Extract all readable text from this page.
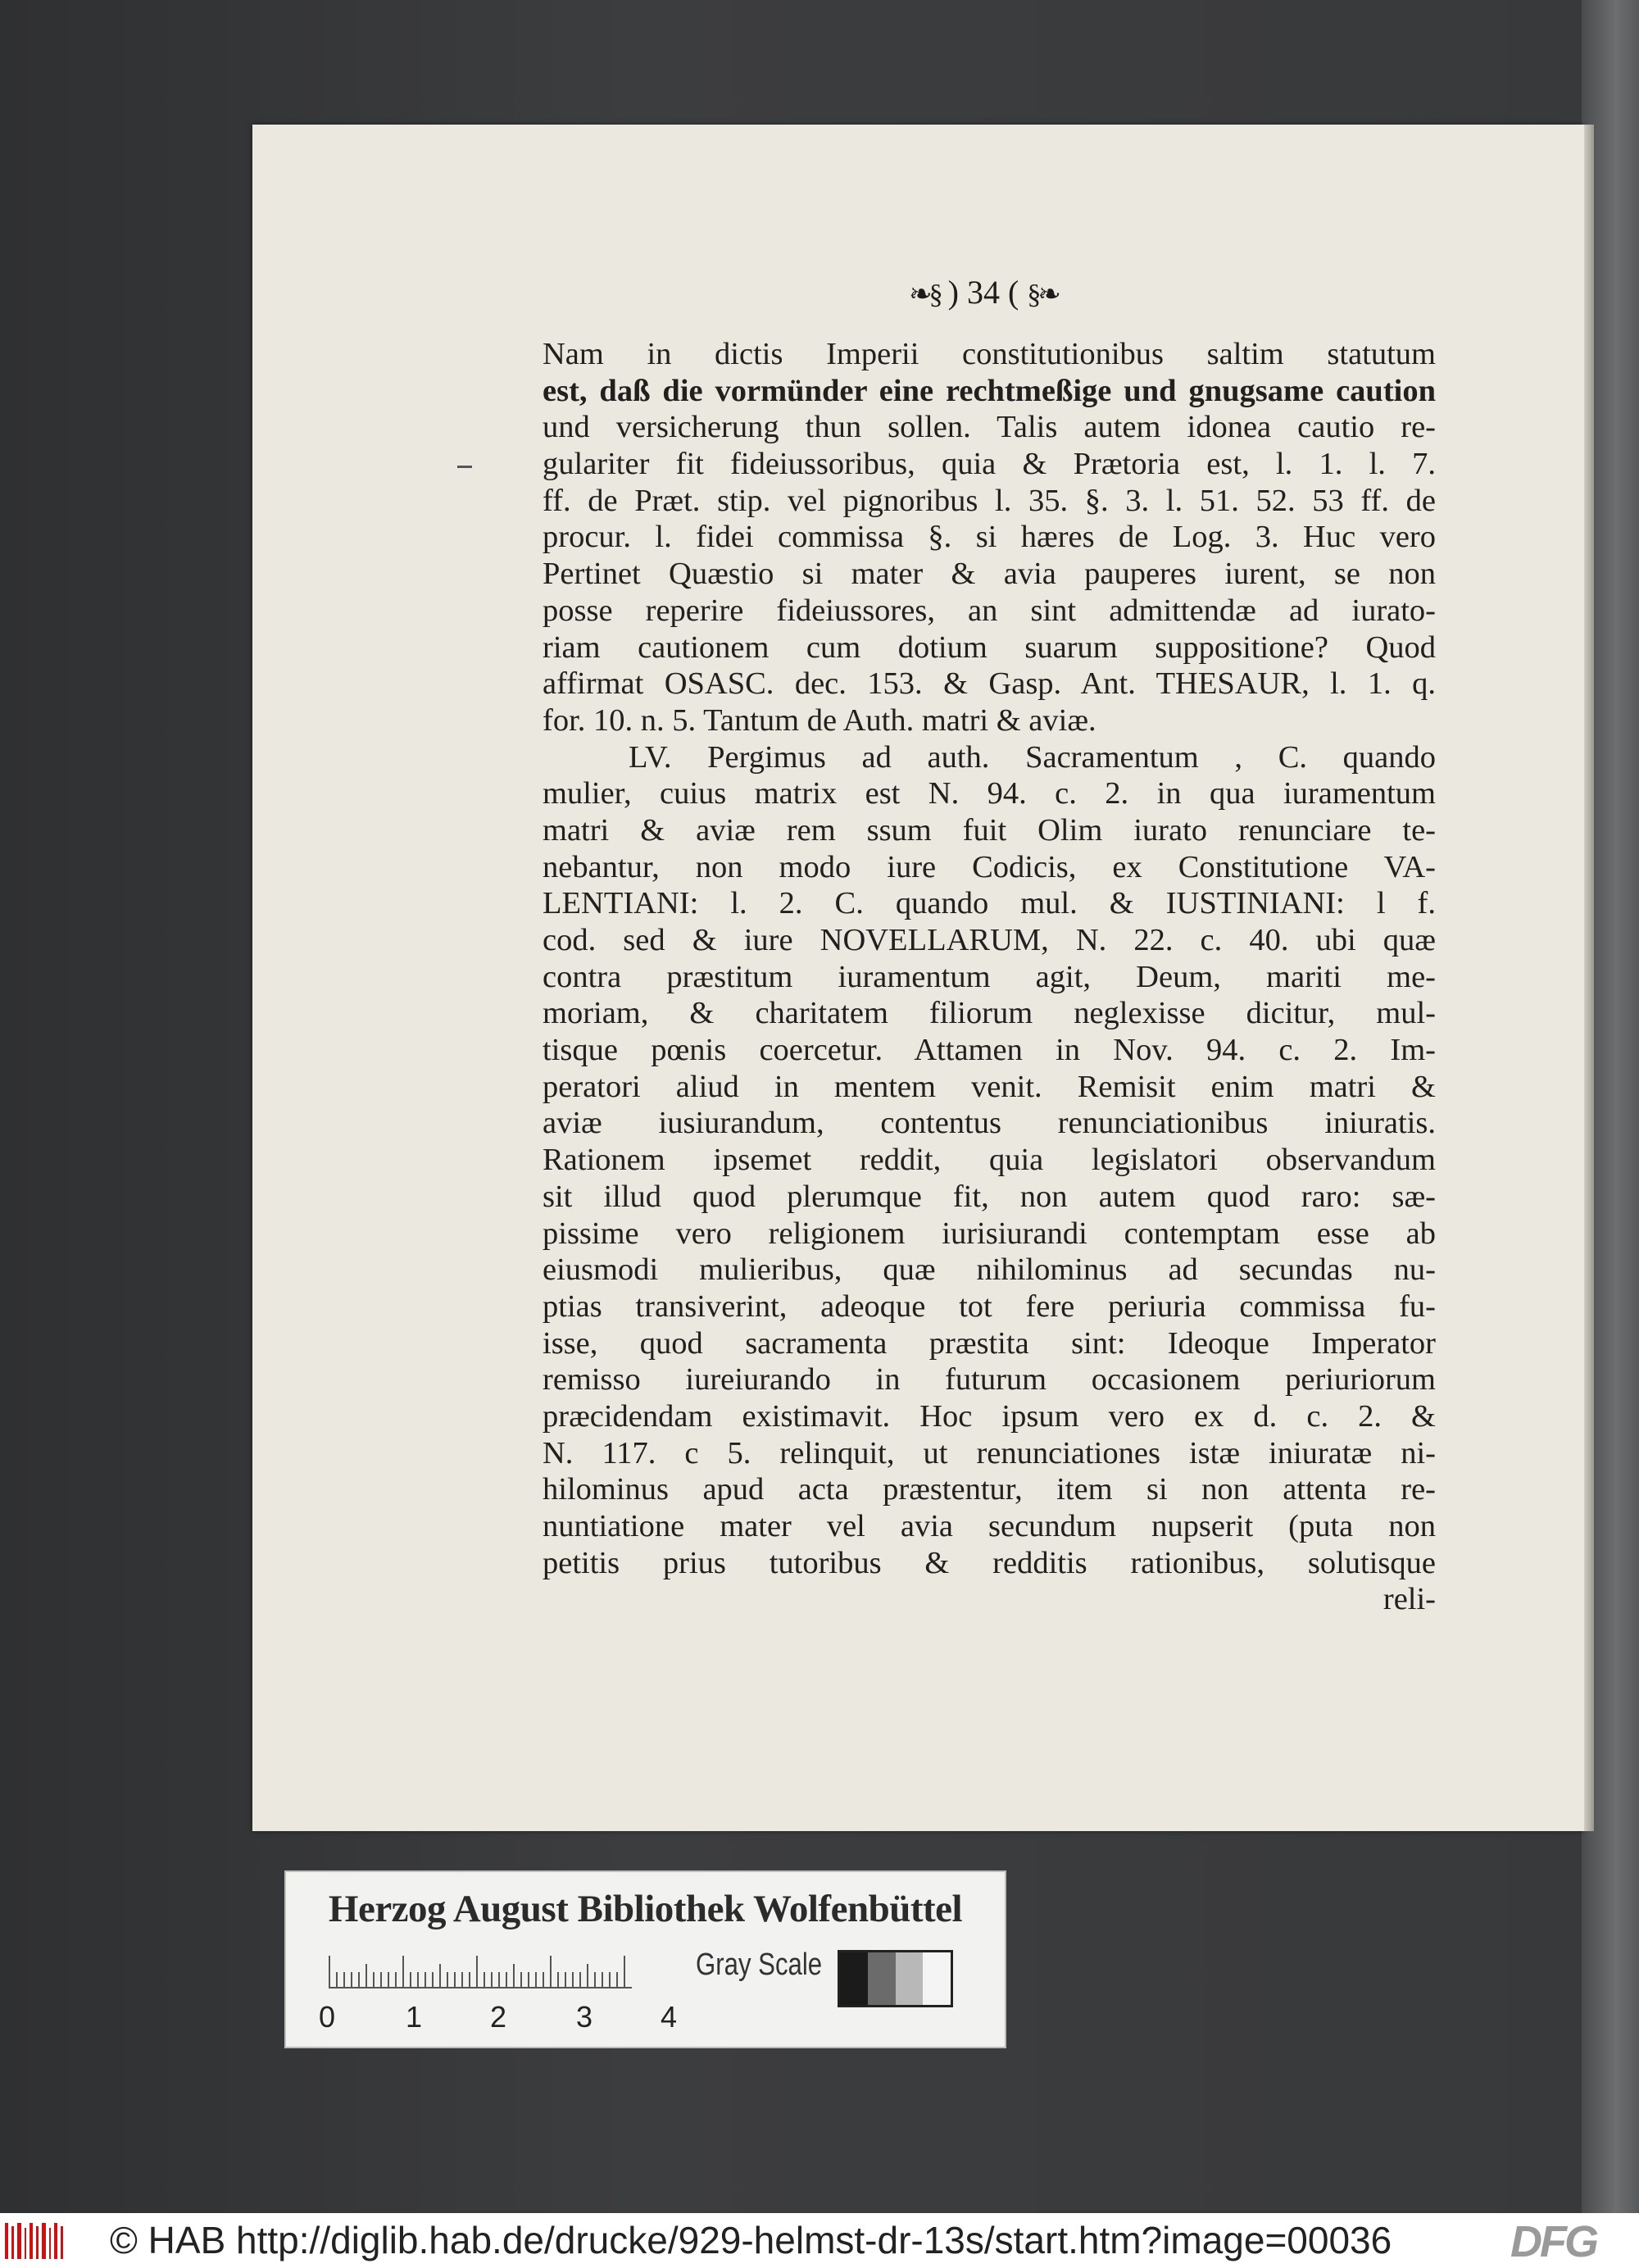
❧§ ) 34 ( §❧
Nam in dictis Imperii constitutionibus saltim statutum
est, daß die vormünder eine rechtmeßige und gnugsame caution
und versicherung thun sollen. Talis autem idonea cautio re-
gulariter fit fideiussoribus, quia & Prætoria est, l. 1. l. 7.
ff. de Præt. stip. vel pignoribus l. 35. §. 3. l. 51. 52. 53 ff. de
procur. l. fidei commissa §. si hæres de Log. 3. Huc vero
Pertinet Quæstio si mater & avia pauperes iurent, se non
posse reperire fideiussores, an sint admittendæ ad iurato-
riam cautionem cum dotium suarum suppositione? Quod
affirmat OSASC. dec. 153. & Gasp. Ant. THESAUR, l. 1. q.
for. 10. n. 5. Tantum de Auth. matri & aviæ.
LV. Pergimus ad auth. Sacramentum , C. quando
mulier, cuius matrix est N. 94. c. 2. in qua iuramentum
matri & aviæ rem ssum fuit Olim iurato renunciare te-
nebantur, non modo iure Codicis, ex Constitutione VA-
LENTIANI: l. 2. C. quando mul. & IUSTINIANI: l f.
cod. sed & iure NOVELLARUM, N. 22. c. 40. ubi quæ
contra præstitum iuramentum agit, Deum, mariti me-
moriam, & charitatem filiorum neglexisse dicitur, mul-
tisque pœnis coercetur. Attamen in Nov. 94. c. 2. Im-
peratori aliud in mentem venit. Remisit enim matri &
aviæ iusiurandum, contentus renunciationibus iniuratis.
Rationem ipsemet reddit, quia legislatori observandum
sit illud quod plerumque fit, non autem quod raro: sæ-
pissime vero religionem iurisiurandi contemptam esse ab
eiusmodi mulieribus, quæ nihilominus ad secundas nu-
ptias transiverint, adeoque tot fere periuria commissa fu-
isse, quod sacramenta præstita sint: Ideoque Imperator
remisso iureiurando in futurum occasionem periuriorum
præcidendam existimavit. Hoc ipsum vero ex d. c. 2. &
N. 117. c 5. relinquit, ut renunciationes istæ iniuratæ ni-
hilominus apud acta præstentur, item si non attenta re-
nuntiatione mater vel avia secundum nupserit (puta non
petitis prius tutoribus & redditis rationibus, solutisque
reli-
Herzog August Bibliothek Wolfenbüttel
Gray Scale
0 1 2 3 4
© HAB http://diglib.hab.de/drucke/929-helmst-dr-13s/start.htm?image=00036	DFG
